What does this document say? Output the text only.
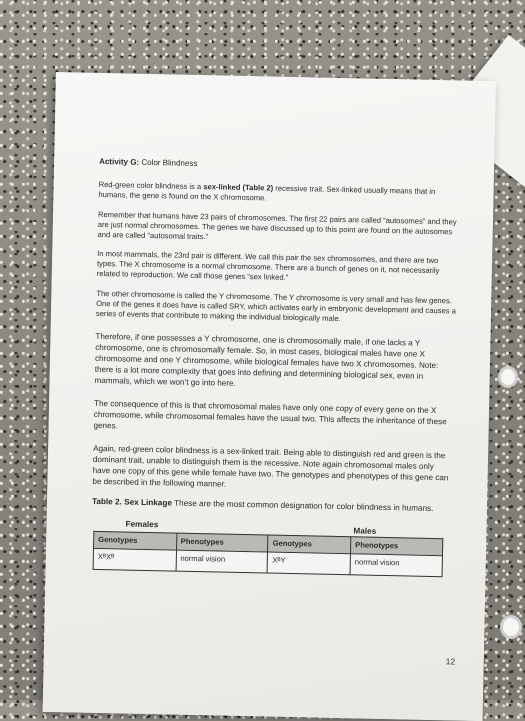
Activity G: Color Blindness

Red-green color blindness is a sex-linked (Table 2) recessive trait. Sex-linked usually means that in humans, the gene is found on the X chromosome.

Remember that humans have 23 pairs of chromosomes. The first 22 pairs are called “autosomes” and they are just normal chromosomes. The genes we have discussed up to this point are found on the autosomes and are called “autosomal traits.”

In most mammals, the 23rd pair is different. We call this pair the sex chromosomes, and there are two types. The X chromosome is a normal chromosome. There are a bunch of genes on it, not necessarily related to reproduction. We call those genes “sex linked.”

The other chromosome is called the Y chromosome. The Y chromosome is very small and has few genes. One of the genes it does have is called SRY, which activates early in embryonic development and causes a series of events that contribute to making the individual biologically male.

Therefore, if one possesses a Y chromosome, one is chromosomally male, if one lacks a Y chromosome, one is chromosomally female. So, in most cases, biological males have one X chromosome and one Y chromosome, while biological females have two X chromosomes. Note: there is a lot more complexity that goes into defining and determining biological sex, even in mammals, which we won’t go into here.

The consequence of this is that chromosomal males have only one copy of every gene on the X chromosome, while chromosomal females have the usual two. This affects the inheritance of these genes.

Again, red-green color blindness is a sex-linked trait. Being able to distinguish red and green is the dominant trait, unable to distinguish them is the recessive. Note again chromosomal males only have one copy of this gene while female have two. The genotypes and phenotypes of this gene can be described in the following manner.

Table 2. Sex Linkage These are the most common designation for color blindness in humans.

Females
Males
Genotypes	Phenotypes	Genotypes	Phenotypes
XᴮXᴮ	normal vision	XᴮY	normal vision
12
